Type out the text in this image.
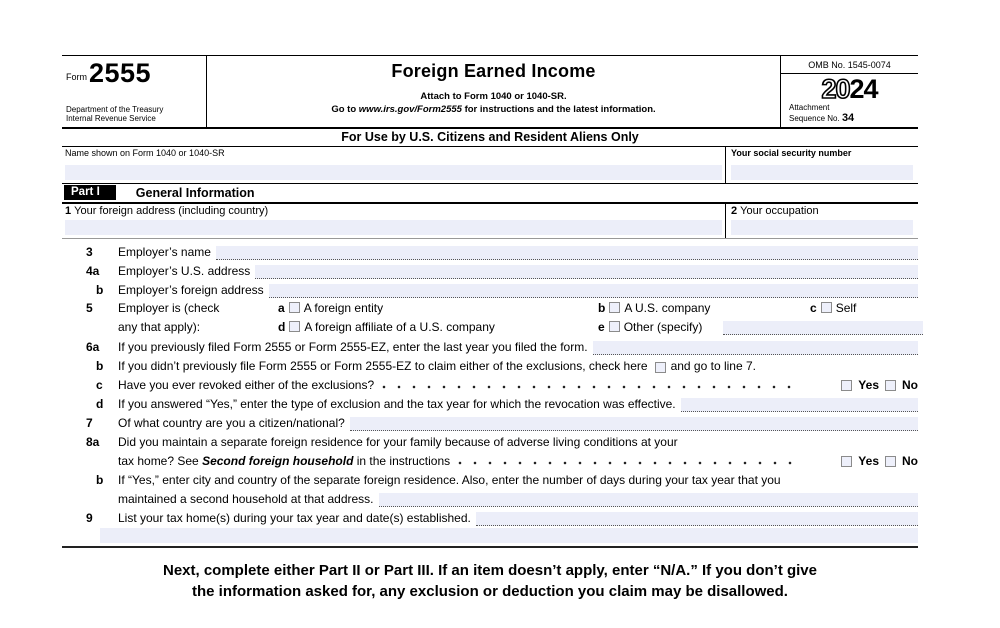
Form 2555
Department of the Treasury
Internal Revenue Service
Foreign Earned Income
Attach to Form 1040 or 1040-SR.
Go to www.irs.gov/Form2555 for instructions and the latest information.
OMB No. 1545-0074
2024
Attachment
Sequence No. 34
For Use by U.S. Citizens and Resident Aliens Only
Name shown on Form 1040 or 1040-SR	Your social security number
Part I	General Information
1 Your foreign address (including country)	2 Your occupation
3	Employer’s name
4a	Employer’s U.S. address
b	Employer’s foreign address
5 Employer is (check	a A foreign entity	b A U.S. company	c Self
any that apply):	d A foreign affiliate of a U.S. company	e Other (specify)
6a	If you previously filed Form 2555 or Form 2555-EZ, enter the last year you filed the form.
b	If you didn’t previously file Form 2555 or Form 2555-EZ to claim either of the exclusions, check here and go to line 7.
c	Have you ever revoked either of the exclusions?	Yes No
d	If you answered “Yes,” enter the type of exclusion and the tax year for which the revocation was effective.
7	Of what country are you a citizen/national?
8a	Did you maintain a separate foreign residence for your family because of adverse living conditions at your
tax home? See Second foreign household in the instructions	Yes No
b	If “Yes,” enter city and country of the separate foreign residence. Also, enter the number of days during your tax year that you
maintained a second household at that address.
9	List your tax home(s) during your tax year and date(s) established.
Next, complete either Part II or Part III. If an item doesn’t apply, enter “N/A.” If you don’t give
the information asked for, any exclusion or deduction you claim may be disallowed.
